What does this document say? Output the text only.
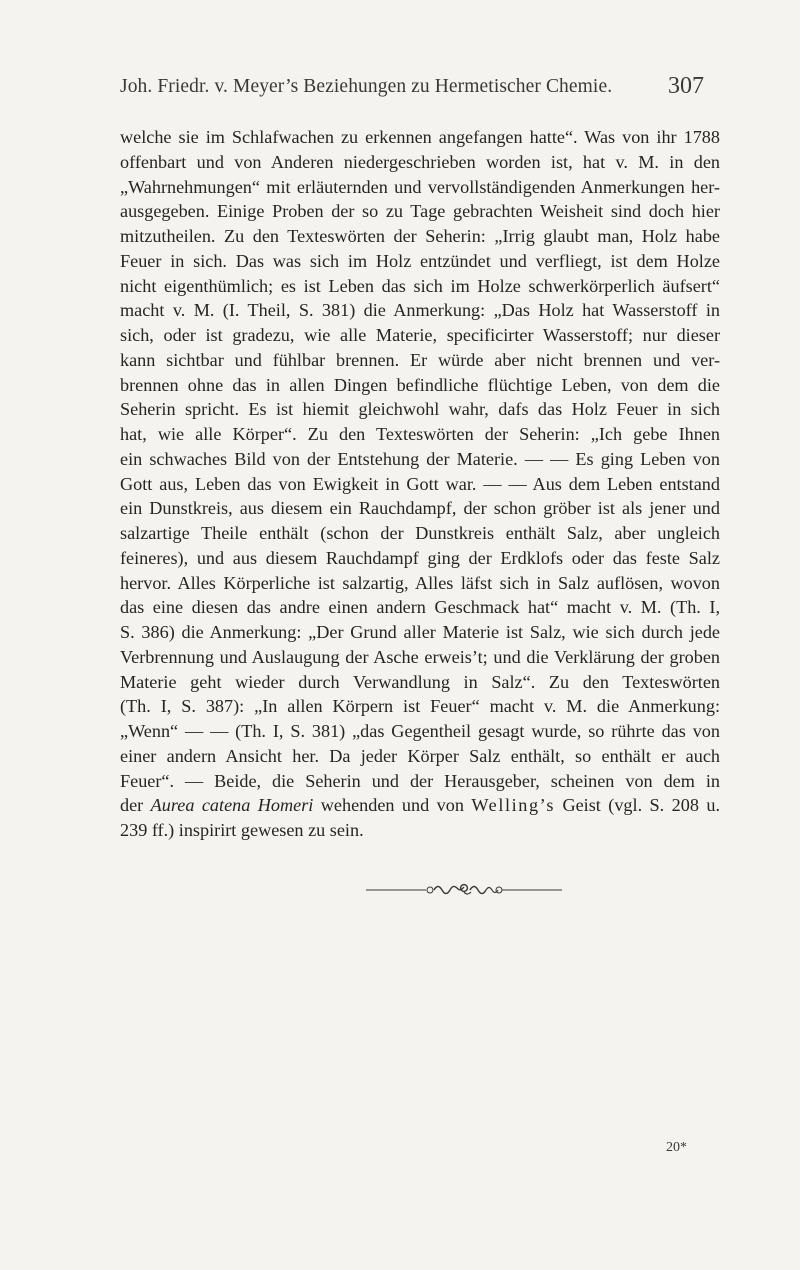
Joh. Friedr. v. Meyer’s Beziehungen zu Hermetischer Chemie.	307
welche sie im Schlafwachen zu erkennen angefangen hatte“. Was von ihr 1788
offenbart und von Anderen niedergeschrieben worden ist, hat v. M. in den
„Wahrnehmungen“ mit erläuternden und vervollständigenden Anmerkungen her-
ausgegeben. Einige Proben der so zu Tage gebrachten Weisheit sind doch hier
mitzutheilen. Zu den Texteswörten der Seherin: „Irrig glaubt man, Holz habe
Feuer in sich. Das was sich im Holz entzündet und verfliegt, ist dem Holze
nicht eigenthümlich; es ist Leben das sich im Holze schwerkörperlich äufsert“
macht v. M. (I. Theil, S. 381) die Anmerkung: „Das Holz hat Wasserstoff in
sich, oder ist gradezu, wie alle Materie, specificirter Wasserstoff; nur dieser
kann sichtbar und fühlbar brennen. Er würde aber nicht brennen und ver-
brennen ohne das in allen Dingen befindliche flüchtige Leben, von dem die
Seherin spricht. Es ist hiemit gleichwohl wahr, dafs das Holz Feuer in sich
hat, wie alle Körper“. Zu den Texteswörten der Seherin: „Ich gebe Ihnen
ein schwaches Bild von der Entstehung der Materie. — — Es ging Leben von
Gott aus, Leben das von Ewigkeit in Gott war. — — Aus dem Leben entstand
ein Dunstkreis, aus diesem ein Rauchdampf, der schon gröber ist als jener und
salzartige Theile enthält (schon der Dunstkreis enthält Salz, aber ungleich
feineres), und aus diesem Rauchdampf ging der Erdklofs oder das feste Salz
hervor. Alles Körperliche ist salzartig, Alles läfst sich in Salz auflösen, wovon
das eine diesen das andre einen andern Geschmack hat“ macht v. M. (Th. I,
S. 386) die Anmerkung: „Der Grund aller Materie ist Salz, wie sich durch jede
Verbrennung und Auslaugung der Asche erweis’t; und die Verklärung der groben
Materie geht wieder durch Verwandlung in Salz“. Zu den Texteswörten
(Th. I, S. 387): „In allen Körpern ist Feuer“ macht v. M. die Anmerkung:
„Wenn“ — — (Th. I, S. 381) „das Gegentheil gesagt wurde, so rührte das von
einer andern Ansicht her. Da jeder Körper Salz enthält, so enthält er auch
Feuer“. — Beide, die Seherin und der Herausgeber, scheinen von dem in
der Aurea catena Homeri wehenden und von Welling’s Geist (vgl. S. 208 u.
239 ff.) inspirirt gewesen zu sein.
20*
